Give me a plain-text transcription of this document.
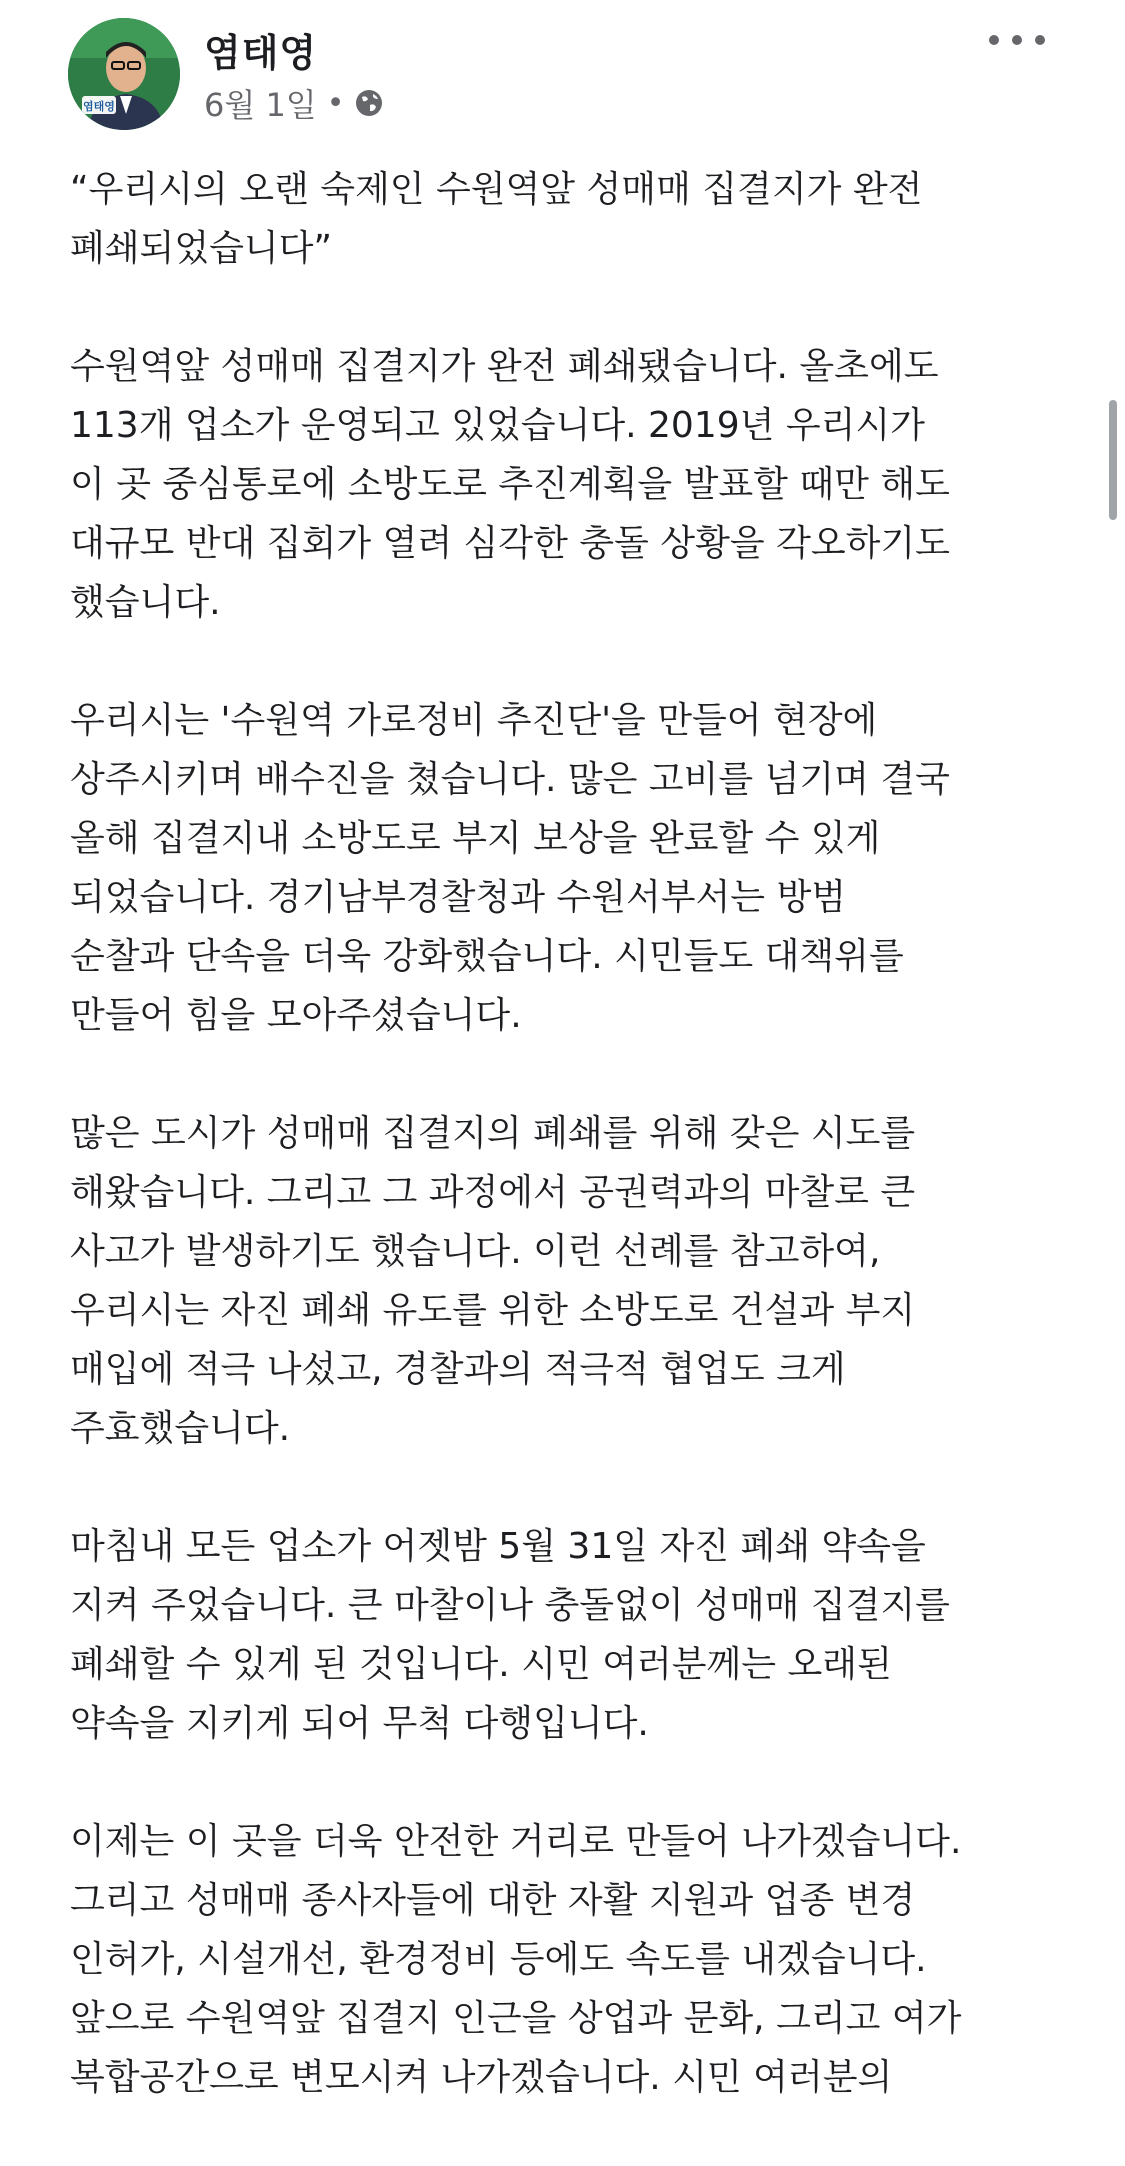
염태영
염태영
6월 1일 •

“우리시의 오랜 숙제인 수원역앞 성매매 집결지가 완전
폐쇄되었습니다”

수원역앞 성매매 집결지가 완전 폐쇄됐습니다. 올초에도
113개 업소가 운영되고 있었습니다. 2019년 우리시가
이 곳 중심통로에 소방도로 추진계획을 발표할 때만 해도
대규모 반대 집회가 열려 심각한 충돌 상황을 각오하기도
했습니다.

우리시는 '수원역 가로정비 추진단'을 만들어 현장에
상주시키며 배수진을 쳤습니다. 많은 고비를 넘기며 결국
올해 집결지내 소방도로 부지 보상을 완료할 수 있게
되었습니다. 경기남부경찰청과 수원서부서는 방범
순찰과 단속을 더욱 강화했습니다. 시민들도 대책위를
만들어 힘을 모아주셨습니다.

많은 도시가 성매매 집결지의 폐쇄를 위해 갖은 시도를
해왔습니다. 그리고 그 과정에서 공권력과의 마찰로 큰
사고가 발생하기도 했습니다. 이런 선례를 참고하여,
우리시는 자진 폐쇄 유도를 위한 소방도로 건설과 부지
매입에 적극 나섰고, 경찰과의 적극적 협업도 크게
주효했습니다.

마침내 모든 업소가 어젯밤 5월 31일 자진 폐쇄 약속을
지켜 주었습니다. 큰 마찰이나 충돌없이 성매매 집결지를
폐쇄할 수 있게 된 것입니다. 시민 여러분께는 오래된
약속을 지키게 되어 무척 다행입니다.

이제는 이 곳을 더욱 안전한 거리로 만들어 나가겠습니다.
그리고 성매매 종사자들에 대한 자활 지원과 업종 변경
인허가, 시설개선, 환경정비 등에도 속도를 내겠습니다.
앞으로 수원역앞 집결지 인근을 상업과 문화, 그리고 여가
복합공간으로 변모시켜 나가겠습니다. 시민 여러분의
